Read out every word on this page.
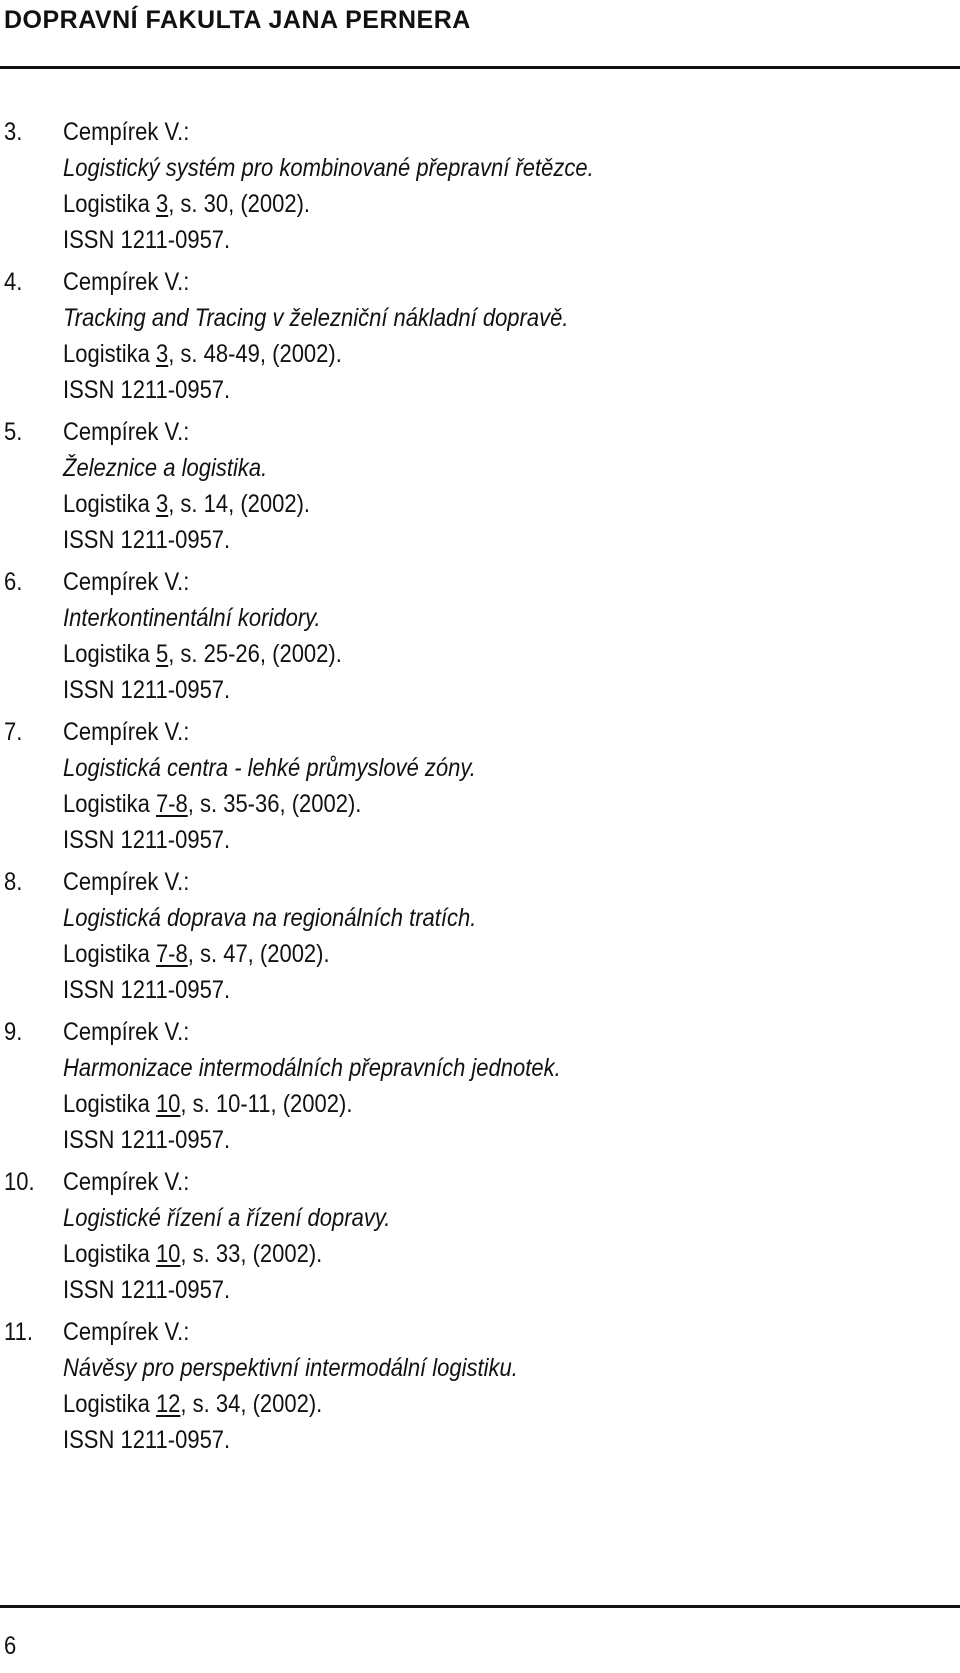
DOPRAVNÍ FAKULTA JANA PERNERA
3. Cempírek V.:
Logistický systém pro kombinované přepravní řetězce.
Logistika 3, s. 30, (2002).
ISSN 1211-0957.
4. Cempírek V.:
Tracking and Tracing v železniční nákladní dopravě.
Logistika 3, s. 48-49, (2002).
ISSN 1211-0957.
5. Cempírek V.:
Železnice a logistika.
Logistika 3, s. 14, (2002).
ISSN 1211-0957.
6. Cempírek V.:
Interkontinentální koridory.
Logistika 5, s. 25-26, (2002).
ISSN 1211-0957.
7. Cempírek V.:
Logistická centra - lehké průmyslové zóny.
Logistika 7-8, s. 35-36, (2002).
ISSN 1211-0957.
8. Cempírek V.:
Logistická doprava na regionálních tratích.
Logistika 7-8, s. 47, (2002).
ISSN 1211-0957.
9. Cempírek V.:
Harmonizace intermodálních přepravních jednotek.
Logistika 10, s. 10-11, (2002).
ISSN 1211-0957.
10. Cempírek V.:
Logistické řízení a řízení dopravy.
Logistika 10, s. 33, (2002).
ISSN 1211-0957.
11. Cempírek V.:
Návěsy pro perspektivní intermodální logistiku.
Logistika 12, s. 34, (2002).
ISSN 1211-0957.
6
